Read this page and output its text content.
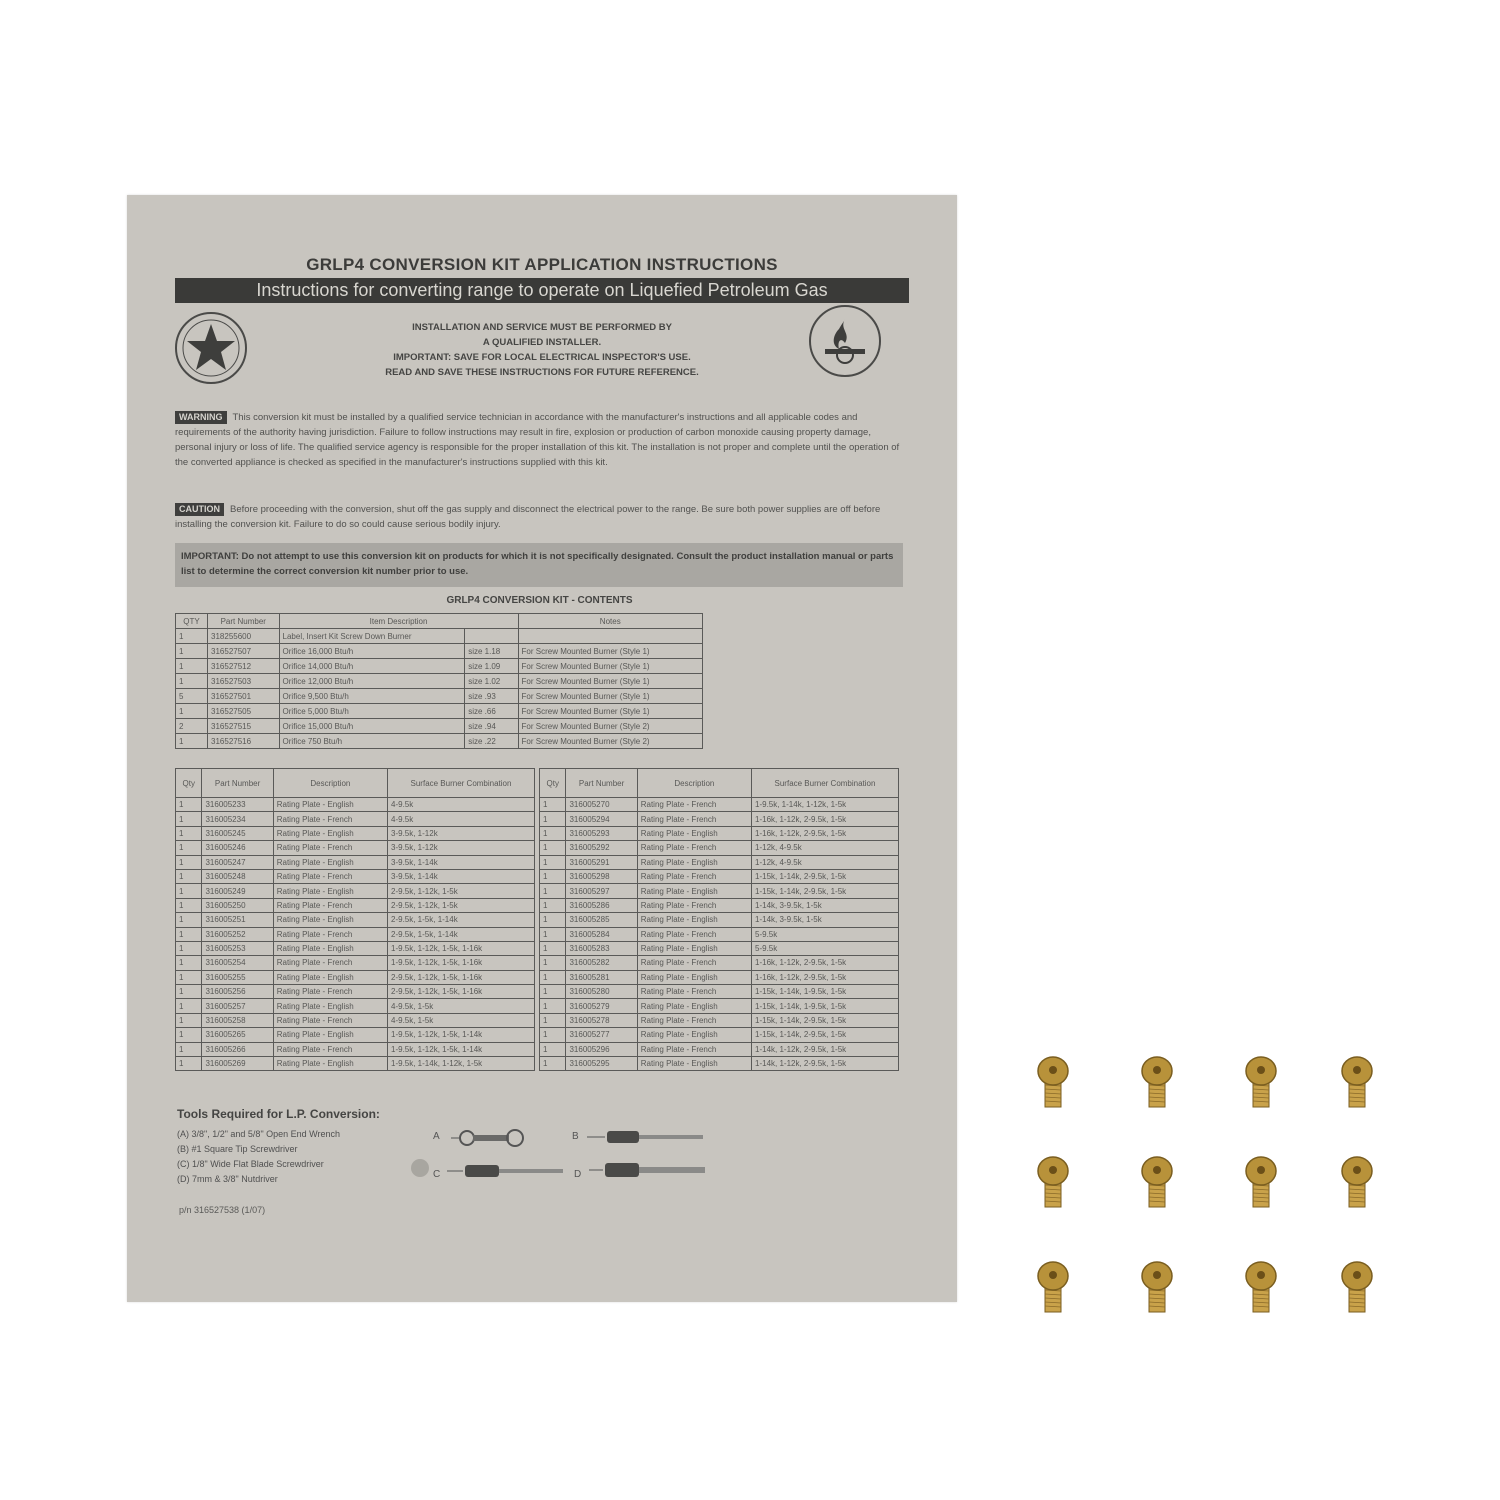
GRLP4 CONVERSION KIT APPLICATION INSTRUCTIONS
Instructions for converting range to operate on Liquefied Petroleum Gas
INSTALLATION AND SERVICE MUST BE PERFORMED BY
A QUALIFIED INSTALLER.
IMPORTANT: SAVE FOR LOCAL ELECTRICAL INSPECTOR'S USE.
READ AND SAVE THESE INSTRUCTIONS FOR FUTURE REFERENCE.
WARNING This conversion kit must be installed by a qualified service technician in accordance with the manufacturer's instructions and all applicable codes and requirements of the authority having jurisdiction. Failure to follow instructions may result in fire, explosion or production of carbon monoxide causing property damage, personal injury or loss of life. The qualified service agency is responsible for the proper installation of this kit. The installation is not proper and complete until the operation of the converted appliance is checked as specified in the manufacturer's instructions supplied with this kit.
CAUTION Before proceeding with the conversion, shut off the gas supply and disconnect the electrical power to the range. Be sure both power supplies are off before installing the conversion kit. Failure to do so could cause serious bodily injury.
IMPORTANT: Do not attempt to use this conversion kit on products for which it is not specifically designated. Consult the product installation manual or parts list to determine the correct conversion kit number prior to use.
GRLP4 CONVERSION KIT - CONTENTS
QTY	Part Number	Item Description		Notes
1	318255600	Label, Insert Kit Screw Down Burner		
1	316527507	Orifice 16,000 Btu/h	size 1.18	For Screw Mounted Burner (Style 1)
1	316527512	Orifice 14,000 Btu/h	size 1.09	For Screw Mounted Burner (Style 1)
1	316527503	Orifice 12,000 Btu/h	size 1.02	For Screw Mounted Burner (Style 1)
5	316527501	Orifice 9,500 Btu/h	size .93	For Screw Mounted Burner (Style 1)
1	316527505	Orifice 5,000 Btu/h	size .66	For Screw Mounted Burner (Style 1)
2	316527515	Orifice 15,000 Btu/h	size .94	For Screw Mounted Burner (Style 2)
1	316527516	Orifice 750 Btu/h	size .22	For Screw Mounted Burner (Style 2)
Qty	Part Number	Description	Surface Burner Combination
1	316005233	Rating Plate - English	4-9.5k
1	316005234	Rating Plate - French	4-9.5k
1	316005245	Rating Plate - English	3-9.5k, 1-12k
1	316005246	Rating Plate - French	3-9.5k, 1-12k
1	316005247	Rating Plate - English	3-9.5k, 1-14k
1	316005248	Rating Plate - French	3-9.5k, 1-14k
1	316005249	Rating Plate - English	2-9.5k, 1-12k, 1-5k
1	316005250	Rating Plate - French	2-9.5k, 1-12k, 1-5k
1	316005251	Rating Plate - English	2-9.5k, 1-5k, 1-14k
1	316005252	Rating Plate - French	2-9.5k, 1-5k, 1-14k
1	316005253	Rating Plate - English	1-9.5k, 1-12k, 1-5k, 1-16k
1	316005254	Rating Plate - French	1-9.5k, 1-12k, 1-5k, 1-16k
1	316005255	Rating Plate - English	2-9.5k, 1-12k, 1-5k, 1-16k
1	316005256	Rating Plate - French	2-9.5k, 1-12k, 1-5k, 1-16k
1	316005257	Rating Plate - English	4-9.5k, 1-5k
1	316005258	Rating Plate - French	4-9.5k, 1-5k
1	316005265	Rating Plate - English	1-9.5k, 1-12k, 1-5k, 1-14k
1	316005266	Rating Plate - French	1-9.5k, 1-12k, 1-5k, 1-14k
1	316005269	Rating Plate - English	1-9.5k, 1-14k, 1-12k, 1-5k
Qty	Part Number	Description	Surface Burner Combination
1	316005270	Rating Plate - French	1-9.5k, 1-14k, 1-12k, 1-5k
1	316005294	Rating Plate - French	1-16k, 1-12k, 2-9.5k, 1-5k
1	316005293	Rating Plate - English	1-16k, 1-12k, 2-9.5k, 1-5k
1	316005292	Rating Plate - French	1-12k, 4-9.5k
1	316005291	Rating Plate - English	1-12k, 4-9.5k
1	316005298	Rating Plate - French	1-15k, 1-14k, 2-9.5k, 1-5k
1	316005297	Rating Plate - English	1-15k, 1-14k, 2-9.5k, 1-5k
1	316005286	Rating Plate - French	1-14k, 3-9.5k, 1-5k
1	316005285	Rating Plate - English	1-14k, 3-9.5k, 1-5k
1	316005284	Rating Plate - French	5-9.5k
1	316005283	Rating Plate - English	5-9.5k
1	316005282	Rating Plate - French	1-16k, 1-12k, 2-9.5k, 1-5k
1	316005281	Rating Plate - English	1-16k, 1-12k, 2-9.5k, 1-5k
1	316005280	Rating Plate - French	1-15k, 1-14k, 1-9.5k, 1-5k
1	316005279	Rating Plate - English	1-15k, 1-14k, 1-9.5k, 1-5k
1	316005278	Rating Plate - French	1-15k, 1-14k, 2-9.5k, 1-5k
1	316005277	Rating Plate - English	1-15k, 1-14k, 2-9.5k, 1-5k
1	316005296	Rating Plate - French	1-14k, 1-12k, 2-9.5k, 1-5k
1	316005295	Rating Plate - English	1-14k, 1-12k, 2-9.5k, 1-5k
Tools Required for L.P. Conversion:
(A) 3/8", 1/2" and 5/8" Open End Wrench
(B) #1 Square Tip Screwdriver
(C) 1/8" Wide Flat Blade Screwdriver
(D) 7mm & 3/8" Nutdriver
A	B
C	D
p/n 316527538 (1/07)
